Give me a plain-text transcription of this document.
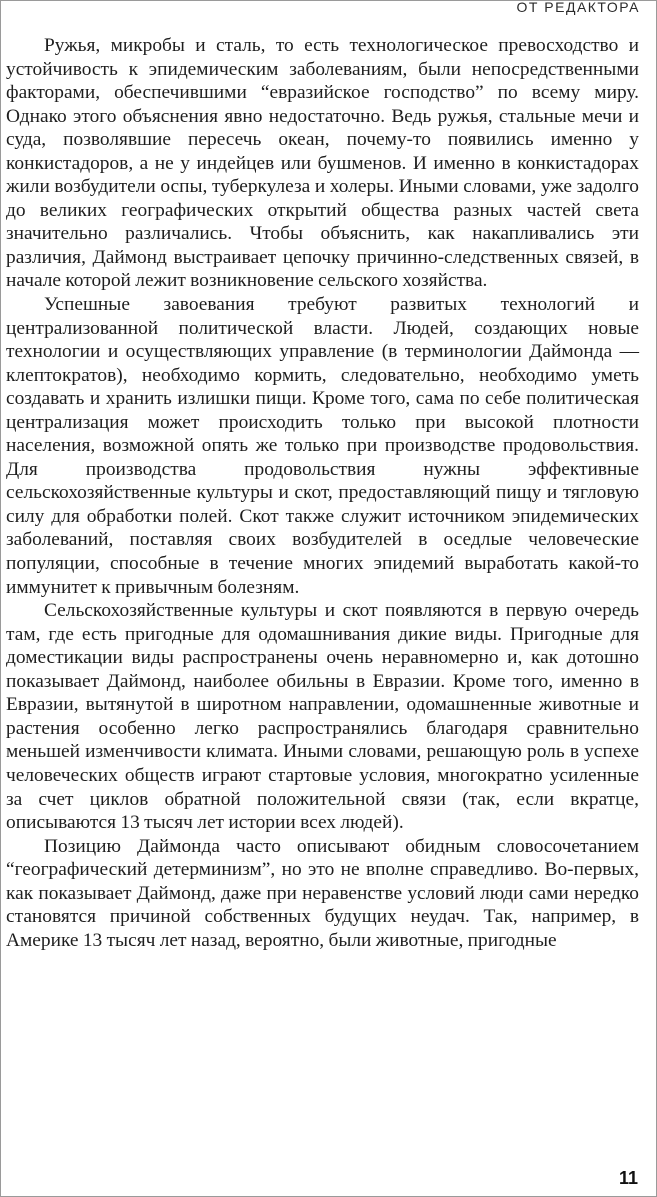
ОТ РЕДАКТОРА

Ружья, микробы и сталь, то есть технологическое превосходство и устойчивость к эпидемическим заболеваниям, были непосредственными факторами, обеспечившими “евразийское господство” по всему миру. Однако этого объяснения явно недостаточно. Ведь ружья, стальные мечи и суда, позволявшие пересечь океан, почему-то появились именно у конкистадоров, а не у индейцев или бушменов. И именно в конкистадорах жили возбудители оспы, туберкулеза и холеры. Иными словами, уже задолго до великих географических открытий общества разных частей света значительно различались. Чтобы объяснить, как накапливались эти различия, Даймонд выстраивает цепочку причинно-следственных связей, в начале которой лежит возникновение сельского хозяйства.

Успешные завоевания требуют развитых технологий и централизованной политической власти. Людей, создающих новые технологии и осуществляющих управление (в терминологии Даймонда — клептократов), необходимо кормить, следовательно, необходимо уметь создавать и хранить излишки пищи. Кроме того, сама по себе политическая централизация может происходить только при высокой плотности населения, возможной опять же только при производстве продовольствия. Для производства продовольствия нужны эффективные сельскохозяйственные культуры и скот, предоставляющий пищу и тягловую силу для обработки полей. Скот также служит источником эпидемических заболеваний, поставляя своих возбудителей в оседлые человеческие популяции, способные в течение многих эпидемий выработать какой-то иммунитет к привычным болезням.

Сельскохозяйственные культуры и скот появляются в первую очередь там, где есть пригодные для одомашнивания дикие виды. Пригодные для доместикации виды распространены очень неравномерно и, как дотошно показывает Даймонд, наиболее обильны в Евразии. Кроме того, именно в Евразии, вытянутой в широтном направлении, одомашненные животные и растения особенно легко распространялись благодаря сравнительно меньшей изменчивости климата. Иными словами, решающую роль в успехе человеческих обществ играют стартовые условия, многократно усиленные за счет циклов обратной положительной связи (так, если вкратце, описываются 13 тысяч лет истории всех людей).

Позицию Даймонда часто описывают обидным словосочетанием “географический детерминизм”, но это не вполне справедливо. Во-первых, как показывает Даймонд, даже при неравенстве условий люди сами нередко становятся причиной собственных будущих неудач. Так, например, в Америке 13 тысяч лет назад, вероятно, были животные, пригодные

11
